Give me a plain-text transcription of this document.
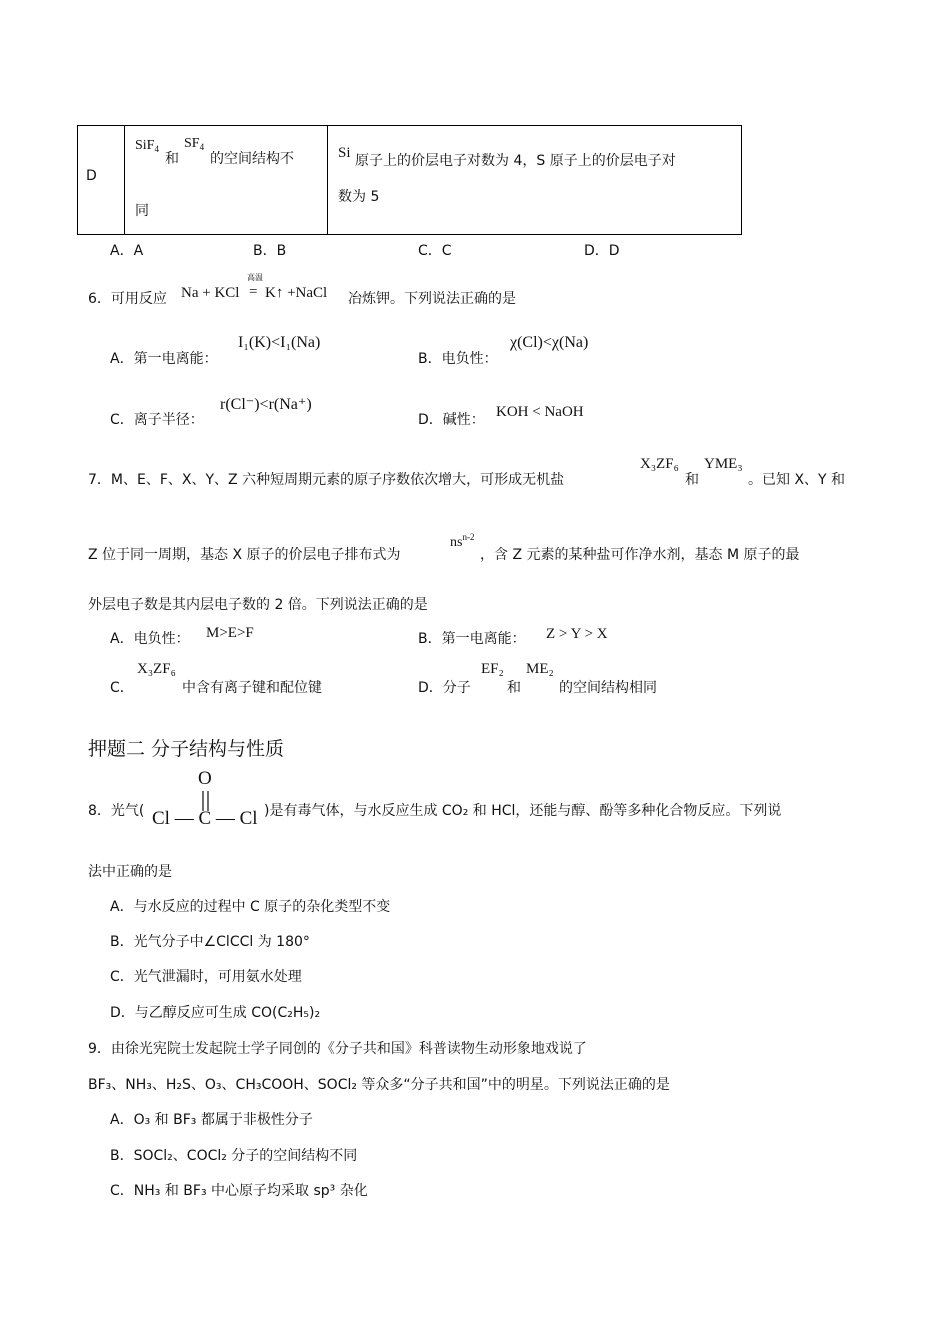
D

SiF$_4$
和
$SF_4$
的空间结构不
同

Si 原子上的价层电子对数为 4，S 原子上的价层电子对
数为 5
A．A	B．B	C．C	D．D
6．可用反应 Na + KCl
高温
= K↑ +NaCl 冶炼钾。下列说法正确的是
A．第一电离能：
I₁(K)<I₁(Na)
B．电负性：
χ(Cl)<χ(Na)
C．离子半径：
r(Cl⁻)<r(Na⁺)
D．碱性： KOH < NaOH
7．M、E、F、X、Y、Z 六种短周期元素的原子序数依次增大，可形成无机盐
X₃ZF₆
和
YME₃
。已知 X、Y 和
Z 位于同一周期，基态 X 原子的价层电子排布式为
$ns^{n-2}$
，含 Z 元素的某种盐可作净水剂，基态 M 原子的最
外层电子数是其内层电子数的 2 倍。下列说法正确的是
A．电负性： M>E>F	B．第一电离能： Z > Y > X
C．
X₃ZF₆
中含有离子键和配位键	D．分子
EF₂
和
ME₂
的空间结构相同
押题二 分子结构与性质
8．光气(
O
Cl — C — Cl )是有毒气体，与水反应生成 CO₂ 和 HCl，还能与醇、酚等多种化合物反应。下列说
法中正确的是
A．与水反应的过程中 C 原子的杂化类型不变
B．光气分子中∠ClCCl 为 180°
C．光气泄漏时，可用氨水处理
D．与乙醇反应可生成 CO(C₂H₅)₂
9．由徐光宪院士发起院士学子同创的《分子共和国》科普读物生动形象地戏说了
BF₃、NH₃、H₂S、O₃、CH₃COOH、SOCl₂ 等众多“分子共和国”中的明星。下列说法正确的是
A．O₃ 和 BF₃ 都属于非极性分子
B．SOCl₂、COCl₂ 分子的空间结构不同
C．NH₃ 和 BF₃ 中心原子均采取 sp³ 杂化
